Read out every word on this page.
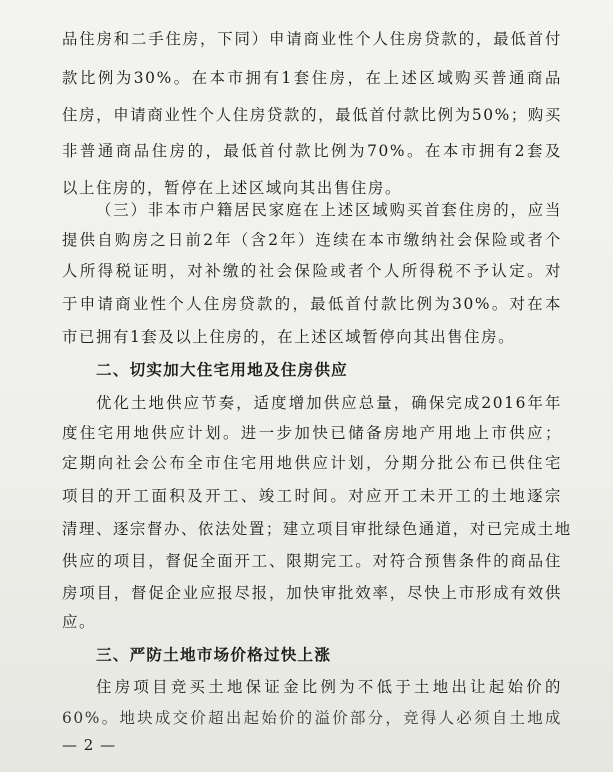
品住房和二手住房，下同）申请商业性个人住房贷款的，最低首付
款比例为30%。在本市拥有1套住房，在上述区域购买普通商品
住房，申请商业性个人住房贷款的，最低首付款比例为50%；购买
非普通商品住房的，最低首付款比例为70%。在本市拥有2套及
以上住房的，暂停在上述区域向其出售住房。
（三）非本市户籍居民家庭在上述区域购买首套住房的，应当
提供自购房之日前2年（含2年）连续在本市缴纳社会保险或者个
人所得税证明，对补缴的社会保险或者个人所得税不予认定。对
于申请商业性个人住房贷款的，最低首付款比例为30%。对在本
市已拥有1套及以上住房的，在上述区域暂停向其出售住房。
二、切实加大住宅用地及住房供应
优化土地供应节奏，适度增加供应总量，确保完成2016年年
度住宅用地供应计划。进一步加快已储备房地产用地上市供应；
定期向社会公布全市住宅用地供应计划，分期分批公布已供住宅
项目的开工面积及开工、竣工时间。对应开工未开工的土地逐宗
清理、逐宗督办、依法处置；建立项目审批绿色通道，对已完成土地
供应的项目，督促全面开工、限期完工。对符合预售条件的商品住
房项目，督促企业应报尽报，加快审批效率，尽快上市形成有效供
应。
三、严防土地市场价格过快上涨
住房项目竞买土地保证金比例为不低于土地出让起始价的
60%。地块成交价超出起始价的溢价部分，竞得人必须自土地成
— 2 —
